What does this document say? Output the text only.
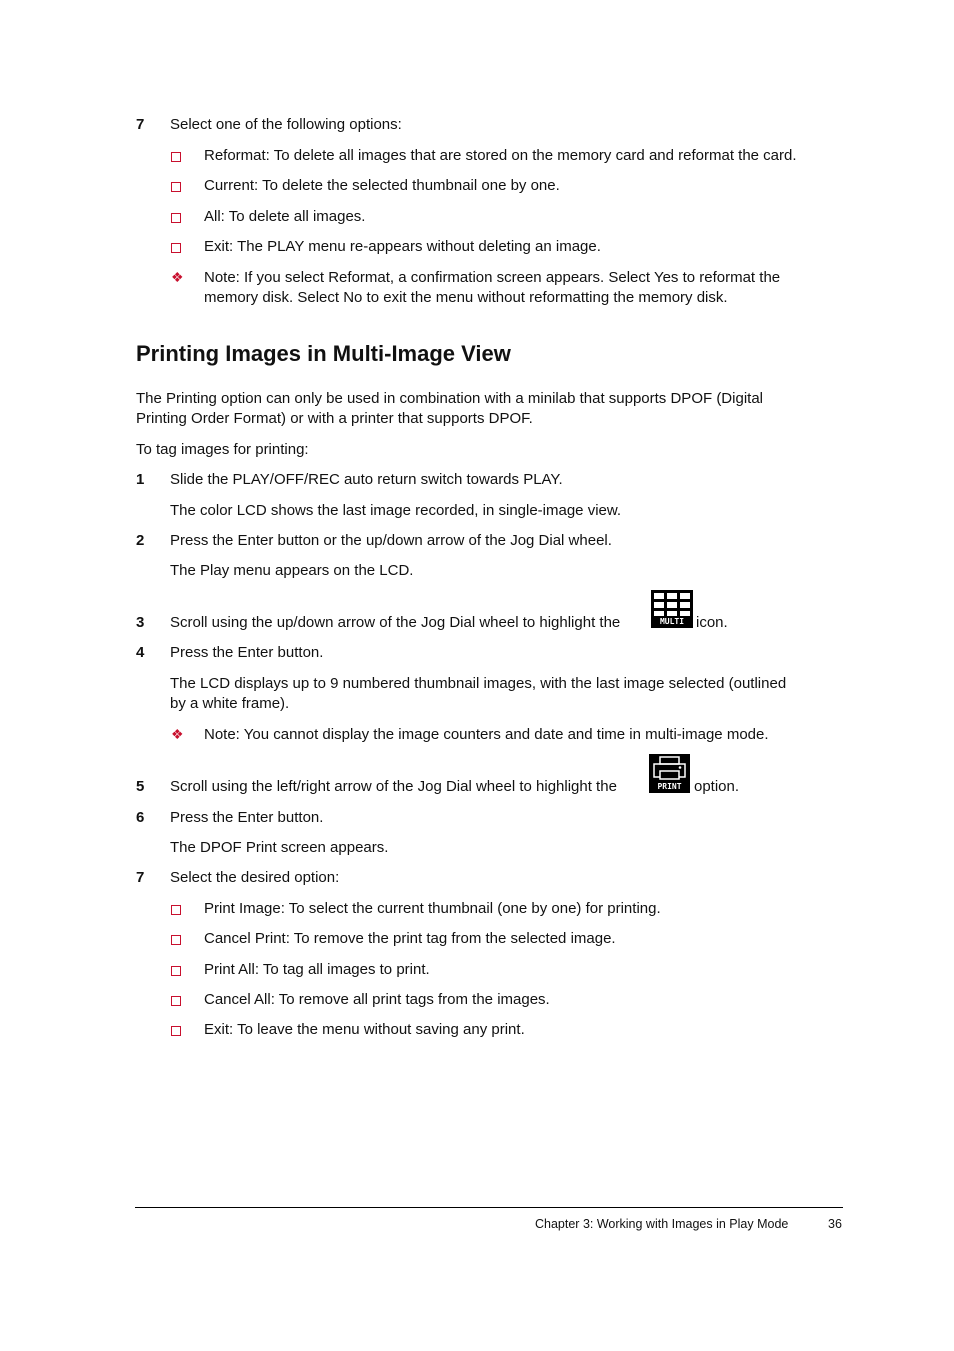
7 Select one of the following options:
Reformat: To delete all images that are stored on the memory card and reformat the card.
Current: To delete the selected thumbnail one by one.
All: To delete all images.
Exit: The PLAY menu re-appears without deleting an image.
❖ Note: If you select Reformat, a confirmation screen appears. Select Yes to reformat the
memory disk. Select No to exit the menu without reformatting the memory disk.
Printing Images in Multi-Image View
The Printing option can only be used in combination with a minilab that supports DPOF (Digital
Printing Order Format) or with a printer that supports DPOF.
To tag images for printing:
1 Slide the PLAY/OFF/REC auto return switch towards PLAY.
The color LCD shows the last image recorded, in single-image view.
2 Press the Enter button or the up/down arrow of the Jog Dial wheel.
The Play menu appears on the LCD.
3 Scroll using the up/down arrow of the Jog Dial wheel to highlight the	MULTI icon.
4 Press the Enter button.
The LCD displays up to 9 numbered thumbnail images, with the last image selected (outlined
by a white frame).
❖ Note: You cannot display the image counters and date and time in multi-image mode.
5 Scroll using the left/right arrow of the Jog Dial wheel to highlight the	PRINT option.
6 Press the Enter button.
The DPOF Print screen appears.
7 Select the desired option:
Print Image: To select the current thumbnail (one by one) for printing.
Cancel Print: To remove the print tag from the selected image.
Print All: To tag all images to print.
Cancel All: To remove all print tags from the images.
Exit: To leave the menu without saving any print.
Chapter 3: Working with Images in Play Mode	36
